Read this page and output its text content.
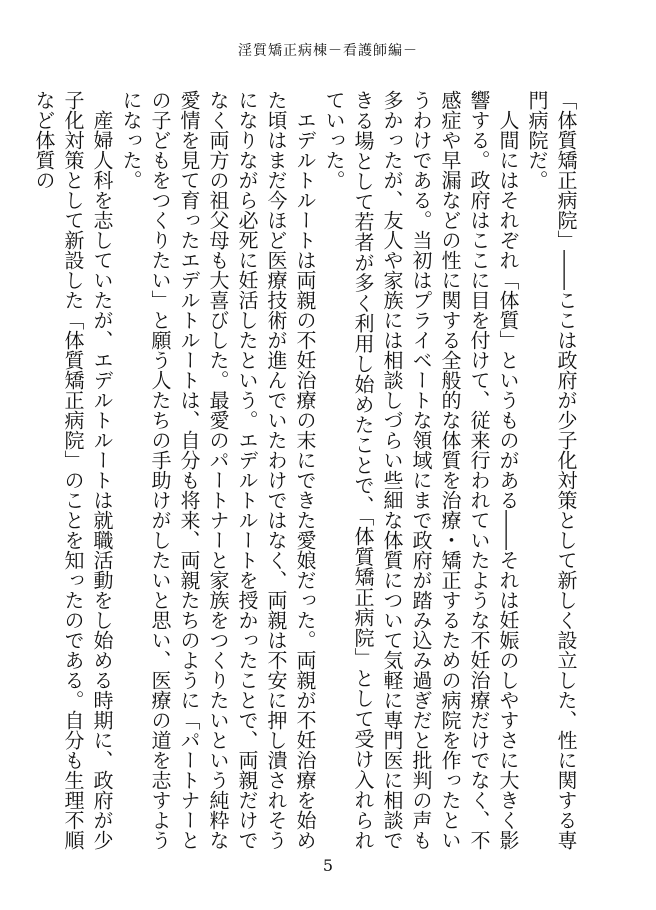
淫質矯正病棟－看護師編－

「体質矯正病院」――ここは政府が少子化対策として新しく設立した、性に関する専門病院だ。

人間にはそれぞれ「体質」というものがある――それは妊娠のしやすさに大きく影響する。政府はここに目を付けて、従来行われていたような不妊治療だけでなく、不感症や早漏などの性に関する全般的な体質を治療・矯正するための病院を作ったというわけである。当初はプライベートな領域にまで政府が踏み込み過ぎだと批判の声も多かったが、友人や家族には相談しづらい些細な体質について気軽に専門医に相談できる場として若者が多く利用し始めたことで、「体質矯正病院」として受け入れられていった。

エデルトルートは両親の不妊治療の末にできた愛娘だった。両親が不妊治療を始めた頃はまだ今ほど医療技術が進んでいたわけではなく、両親は不安に押し潰されそうになりながら必死に妊活したという。エデルトルートを授かったことで、両親だけでなく両方の祖父母も大喜びした。最愛のパートナーと家族をつくりたいという純粋な愛情を見て育ったエデルトルートは、自分も将来、両親たちのように「パートナーとの子どもをつくりたい」と願う人たちの手助けがしたいと思い、医療の道を志すようになった。

産婦人科を志していたが、エデルトルートは就職活動をし始める時期に、政府が少子化対策として新設した「体質矯正病院」のことを知ったのである。自分も生理不順など体質の

5
